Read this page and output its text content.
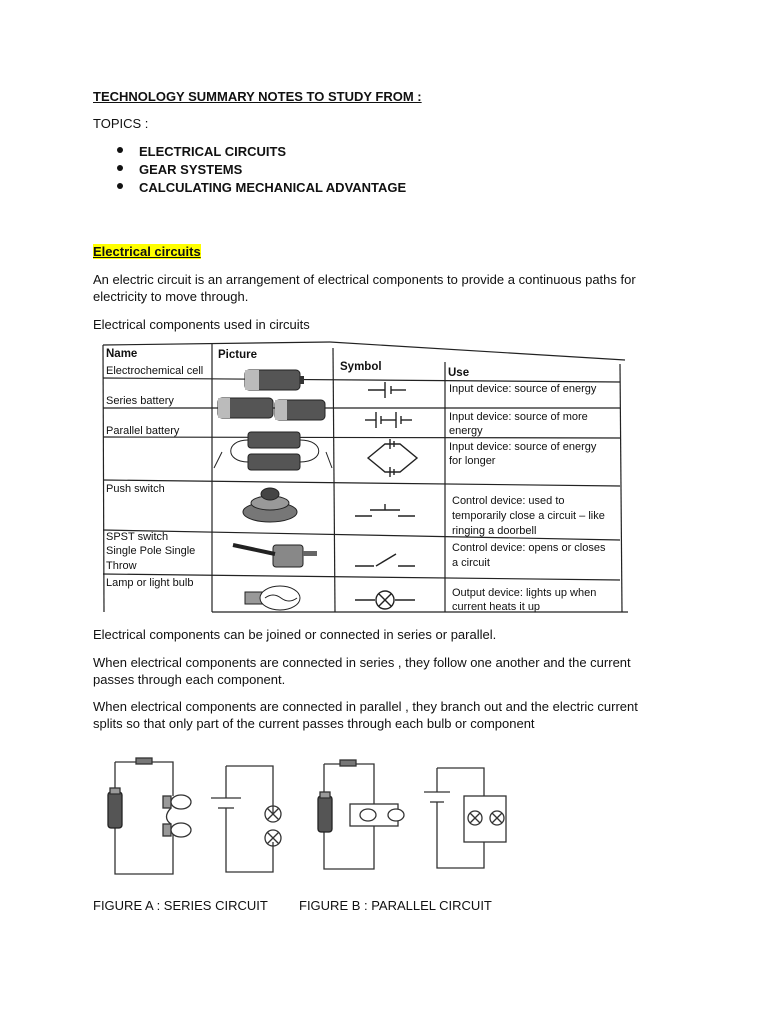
TECHNOLOGY SUMMARY NOTES TO STUDY FROM :
TOPICS :
ELECTRICAL CIRCUITS
GEAR SYSTEMS
CALCULATING MECHANICAL ADVANTAGE
Electrical circuits
An electric circuit is an arrangement of electrical components to provide a continuous paths for
electricity to move through.
Electrical components used in circuits
Name	Picture
Symbol	Use
Electrochemical cell
Series battery
Parallel battery
Push switch
SPST switch
Single Pole Single
Throw
Lamp or light bulb
Input device: source of energy
Input device: source of more
energy
Input device: source of energy
for longer
Control device: used to
temporarily close a circuit – like
ringing a doorbell
Control device: opens or closes
a circuit
Output device: lights up when
current heats it up
Electrical components can be joined or connected in series or parallel.
When electrical components are connected in series , they follow one another and the current
passes through each component.
When electrical components are connected in parallel , they branch out and the electric current
splits so that only part of the current passes through each bulb or component
FIGURE A : SERIES CIRCUIT FIGURE B : PARALLEL CIRCUIT
